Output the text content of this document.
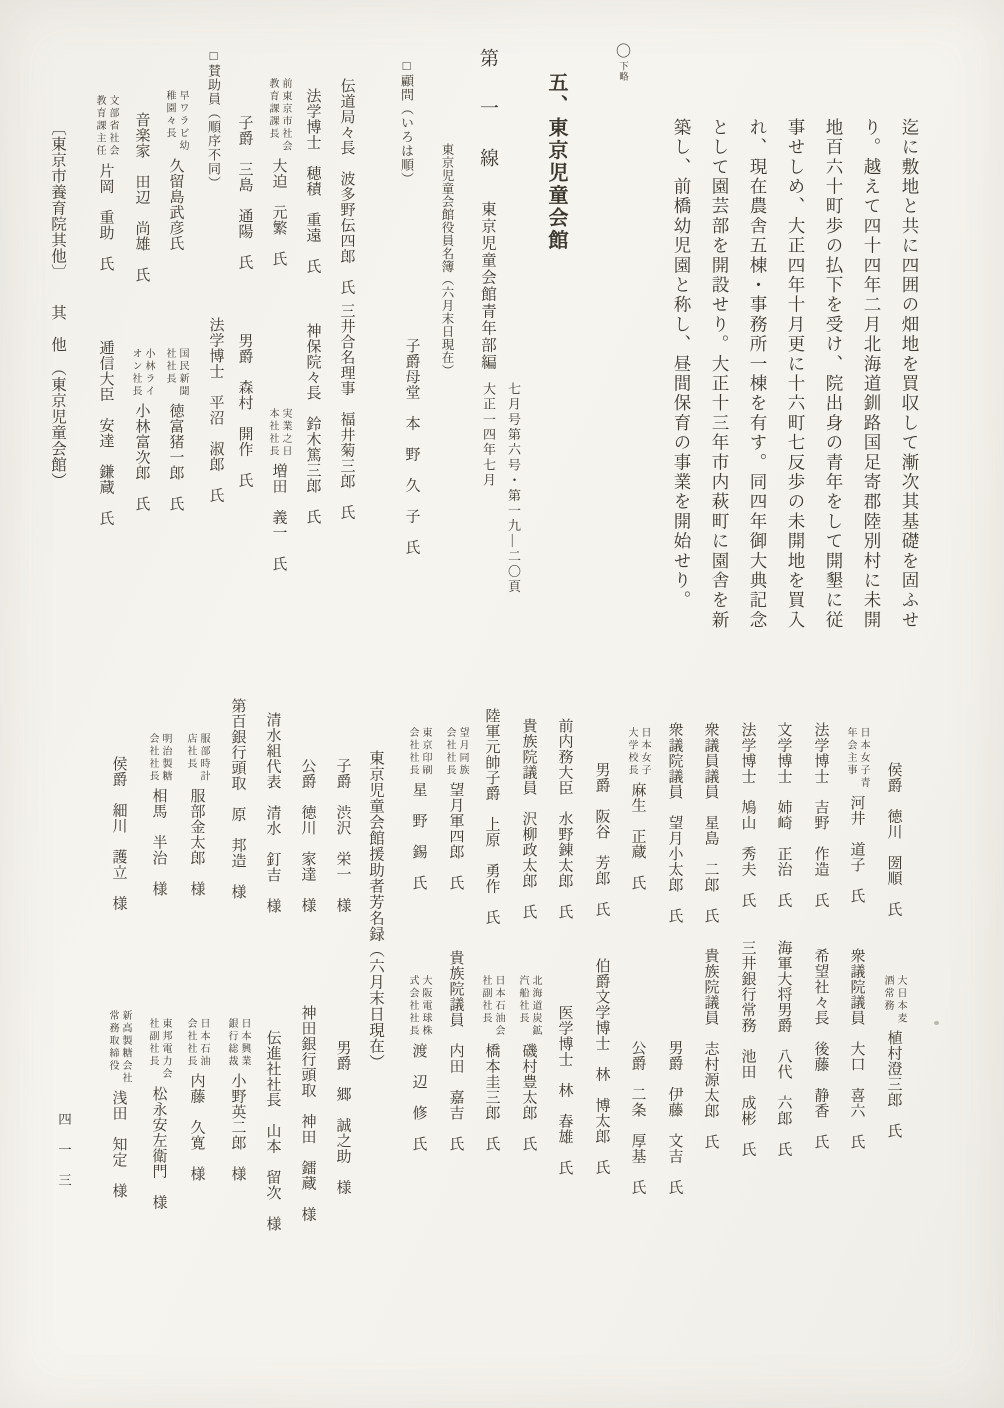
〇下略
迄に敷地と共に四囲の畑地を買収して漸次其基礎を固ふせ
り。越えて四十四年二月北海道釧路国足寄郡陸別村に未開
地百六十町歩の払下を受け、院出身の青年をして開墾に従
事せしめ、大正四年十月更に十六町七反歩の未開地を買入
れ、現在農舎五棟・事務所一棟を有す。同四年御大典記念
として園芸部を開設せり。大正十三年市内萩町に園舎を新
築し、前橋幼児園と称し、昼間保育の事業を開始せり。
五、東京児童会館
第　一　線東京児童会館青年部編
七月号第六号・第一九—二〇頁
大正一四年七月
東京児童会館役員名簿（六月末日現在）
□顧問（いろは順）
子爵母堂　本　野　久　子　氏
伝道局々長　波多野伝四郎　氏
法学博士　穂積　重遠　氏
前東京市社会
教育課課長
大迫　元繁　氏
子爵　三島　通陽　氏
三井合名理事　福井菊三郎　氏
神保院々長　鈴木篤三郎　氏
実業之日
本社社長
増田　義一　氏
男爵　森村　開作　氏
□賛助員（順序不同）
早ワラビ幼
稚園々長
久留島武彦氏
音楽家　田辺　尚雄　氏
文部省社会
教育課主任
片岡　重助　氏
法学博士　平沼　淑郎　氏
国民新聞
社社長
徳富猪一郎　氏
小林ライ
オン社長
小林富次郎　氏
逓信大臣　安達　鎌蔵　氏
〔東京市養育院其他〕　　其　他　（東京児童会館）
侯爵　徳川　圀順　氏
日本女子青
年会主事
河井　道子　氏
法学博士　吉野　作造　氏
文学博士　姉崎　正治　氏
法学博士　鳩山　秀夫　氏
衆議員議員　星島　二郎　氏
衆議院議員　望月小太郎　氏
日本女子
大学校長
麻生　正蔵　氏
男爵　阪谷　芳郎　氏
前内務大臣　水野錬太郎　氏
貴族院議員　沢柳政太郎　氏
陸軍元帥子爵　上原　勇作　氏
望月同族
会社社長
望月軍四郎　氏
東京印刷
会社社長
星　野　錫　氏
大日本麦
酒常務
植村澄三郎　氏
衆議院議員　大口　喜六　氏
希望社々長　後藤　静香　氏
海軍大将男爵　八代　六郎　氏
三井銀行常務　池田　成彬　氏
貴族院議員　志村源太郎　氏
男爵　伊藤　文吉　氏
公爵　二条　厚基　氏
伯爵文学博士　林　博太郎　氏
医学博士　林　春雄　氏
北海道炭鉱
汽船社長
磯村豊太郎　氏
日本石油会
社副社長
橋本圭三郎　氏
貴族院議員　内田　嘉吉　氏
大阪電球株
式会社社長
渡　辺　修　氏
東京児童会館援助者芳名録（六月末日現在）
子爵　渋沢　栄一　様
公爵　徳川　家達　様
清水組代表　清水　釘吉　様
第百銀行頭取　原　邦造　様
服部時計
店社長
服部金太郎　様
明治製糖
会社社長
相馬　半治　様
侯爵　細川　護立　様
男爵　郷　誠之助　様
神田銀行頭取　神田　鐳蔵　様
伝進社社長　山本　留次　様
日本興業
銀行総裁
小野英二郎　様
日本石油
会社社長
内藤　久寛　様
東邦電力会
社副社長
松永安左衛門　様
新高製糖会社
常務取締役
浅田　知定　様
四一三
